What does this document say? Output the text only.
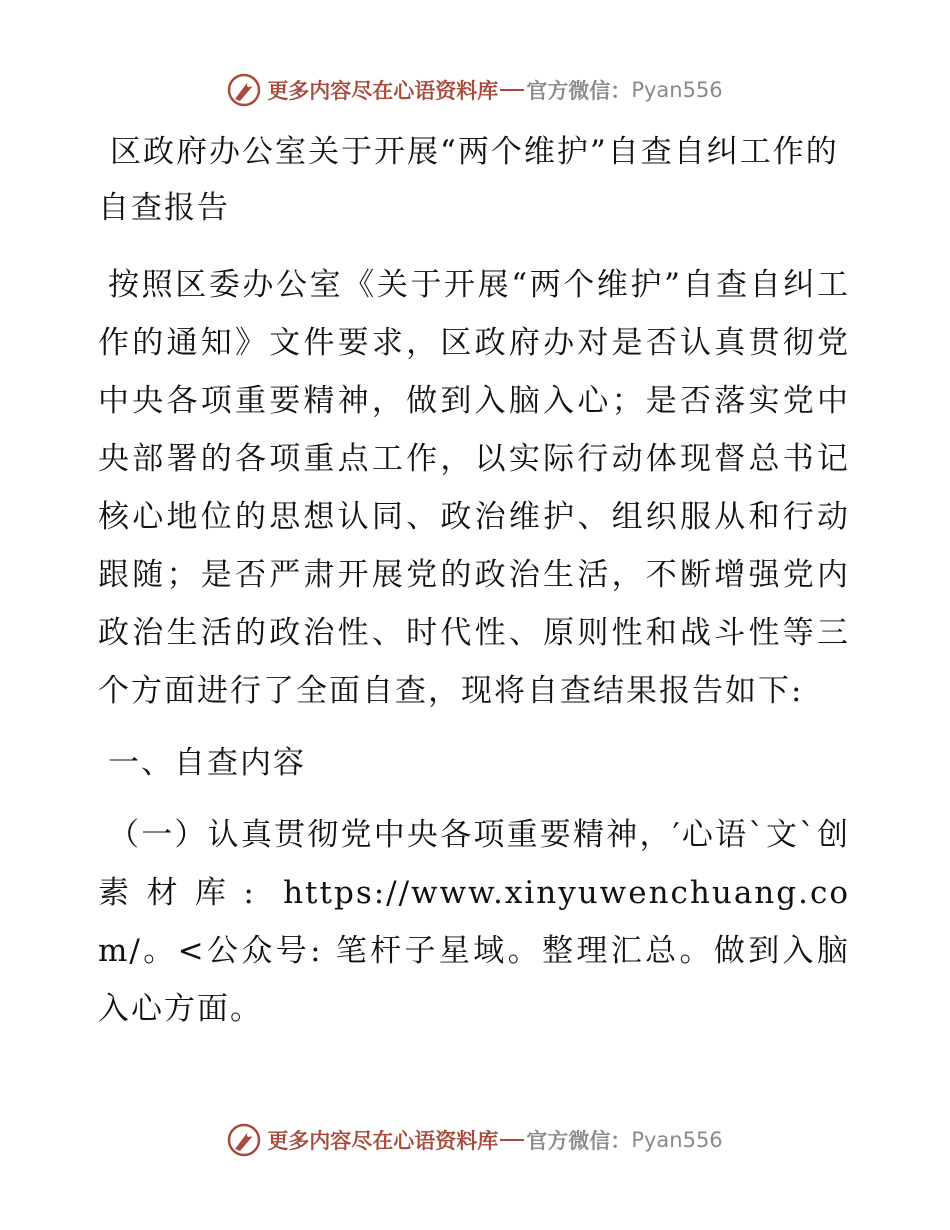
更多内容尽在心语资料库 官方微信： Pyan556
区政府办公室关于开展“两个维护”自查自纠工作的自查报告

按照区委办公室《关于开展“两个维护”自查自纠工作的通知》文件要求，区政府办对是否认真贯彻党中央各项重要精神，做到入脑入心；是否落实党中央部署的各项重点工作，以实际行动体现督总书记核心地位的思想认同、政治维护、组织服从和行动跟随；是否严肃开展党的政治生活，不断增强党内政治生活的政治性、时代性、原则性和战斗性等三个方面进行了全面自查，现将自查结果报告如下:

一、自查内容

（一）认真贯彻党中央各项重要精神，′心语`文`创素材库: https://www.xinyuwenchuang.com/。<公众号: 笔杆子星域。整理汇总。做到入脑入心方面。

更多内容尽在心语资料库 官方微信： Pyan556
